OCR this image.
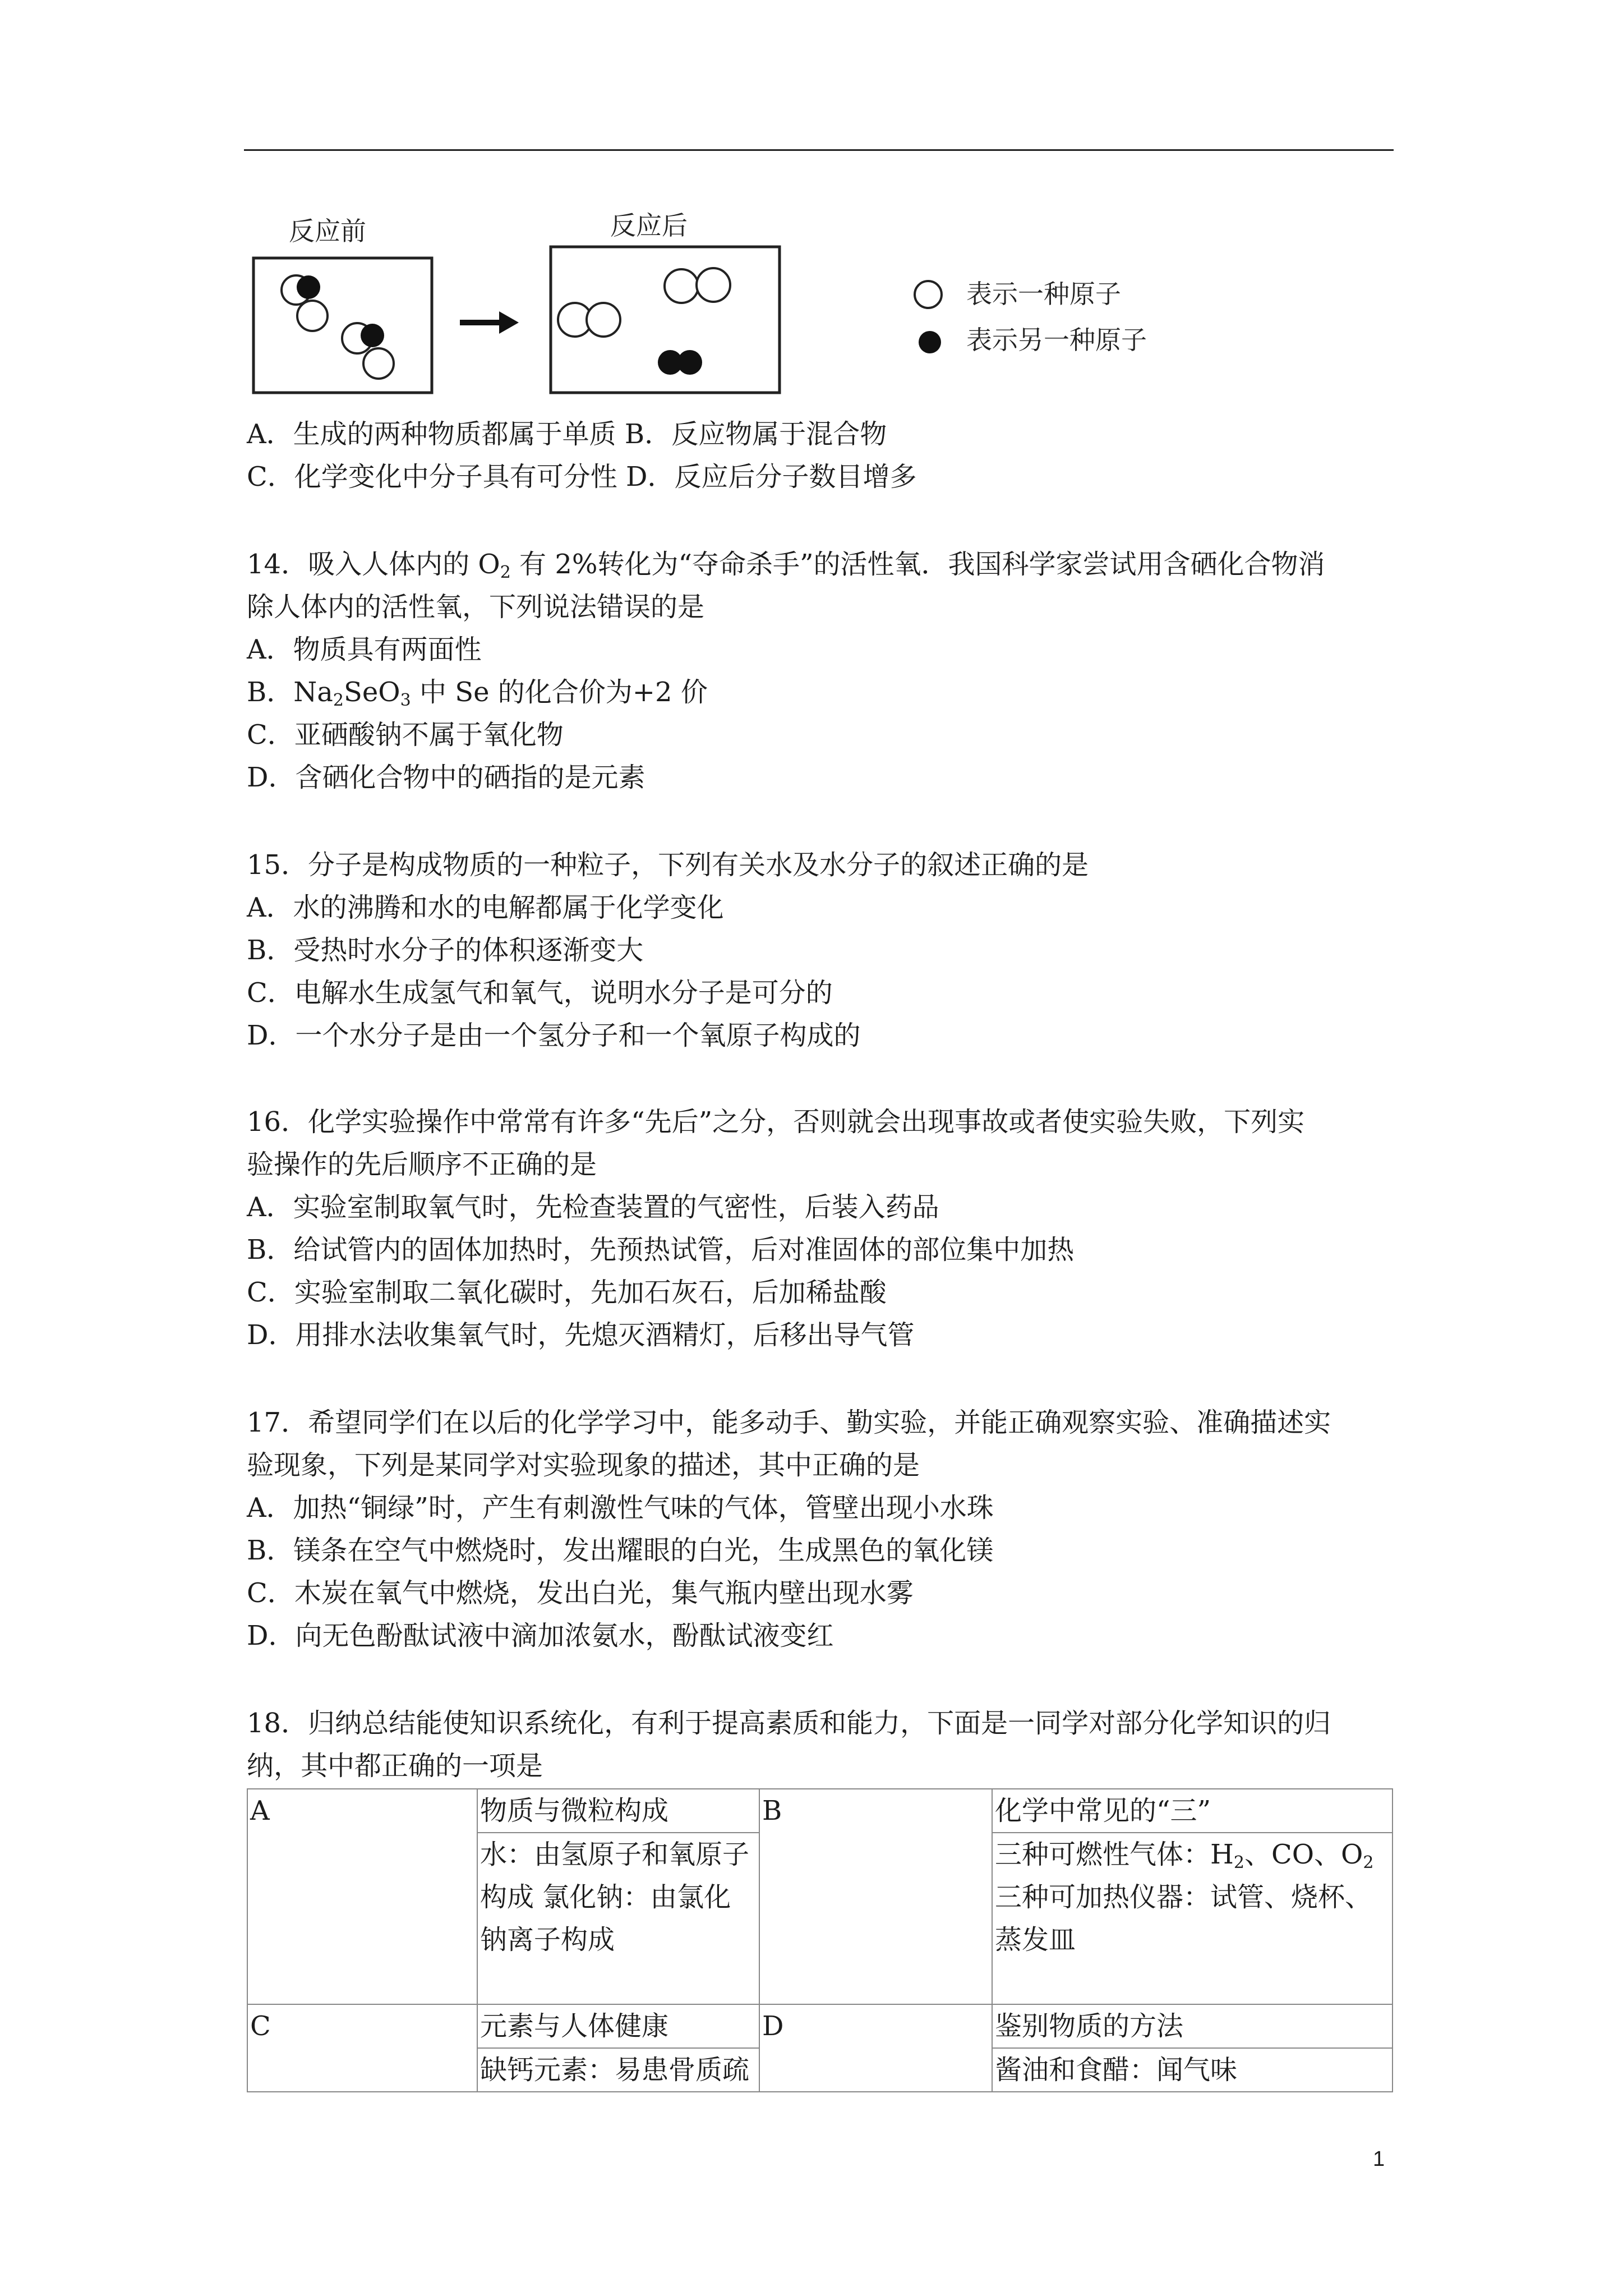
反应前	反应后
表示一种原子
表示另一种原子
A．生成的两种物质都属于单质 B．反应物属于混合物
C．化学变化中分子具有可分性 D．反应后分子数目增多
14．吸入人体内的 $O_2$ 有 2%转化为“夺命杀手”的活性氧．我国科学家尝试用含硒化合物消
除人体内的活性氧，下列说法错误的是
A．物质具有两面性
B．$Na_2SeO_3$ 中 Se 的化合价为+2 价
C．亚硒酸钠不属于氧化物
D．含硒化合物中的硒指的是元素
15．分子是构成物质的一种粒子，下列有关水及水分子的叙述正确的是
A．水的沸腾和水的电解都属于化学变化
B．受热时水分子的体积逐渐变大
C．电解水生成氢气和氧气，说明水分子是可分的
D．一个水分子是由一个氢分子和一个氧原子构成的
16．化学实验操作中常常有许多“先后”之分，否则就会出现事故或者使实验失败，下列实
验操作的先后顺序不正确的是
A．实验室制取氧气时，先检查装置的气密性，后装入药品
B．给试管内的固体加热时，先预热试管，后对准固体的部位集中加热
C．实验室制取二氧化碳时，先加石灰石，后加稀盐酸
D．用排水法收集氧气时，先熄灭酒精灯，后移出导气管
17．希望同学们在以后的化学学习中，能多动手、勤实验，并能正确观察实验、准确描述实
验现象，下列是某同学对实验现象的描述，其中正确的是
A．加热“铜绿”时，产生有刺激性气味的气体，管壁出现小水珠
B．镁条在空气中燃烧时，发出耀眼的白光，生成黑色的氧化镁
C．木炭在氧气中燃烧，发出白光，集气瓶内壁出现水雾
D．向无色酚酞试液中滴加浓氨水，酚酞试液变红
18．归纳总结能使知识系统化，有利于提高素质和能力，下面是一同学对部分化学知识的归
纳，其中都正确的一项是
A	物质与微粒构成	B	化学中常见的“三”
	水：由氢原子和氧原子构成 氯化钠：由氯化钠离子构成		三种可燃性气体：$H_2$、CO、$O_2$
三种可加热仪器：试管、烧杯、蒸发皿

C	元素与人体健康	D	鉴别物质的方法
	缺钙元素：易患骨质疏		酱油和食醋：闻气味
1
